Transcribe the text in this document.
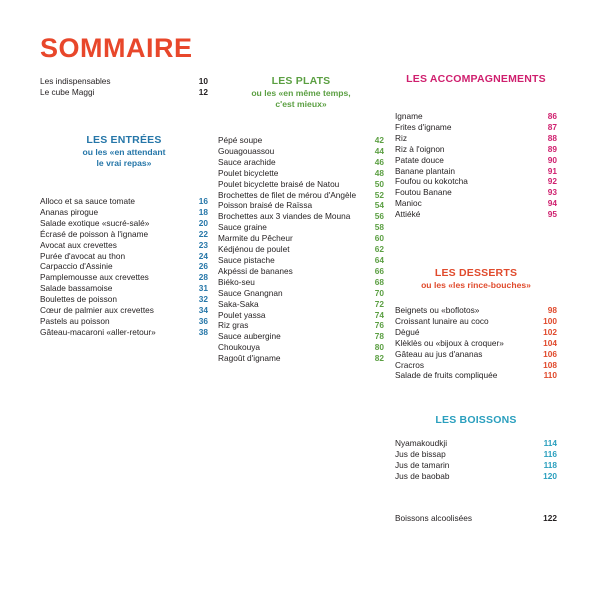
SOMMAIRE
Les indispensables	10
Le cube Maggi	12
LES ENTRÉES
ou les «en attendant
le vrai repas»
Alloco et sa sauce tomate	16
Ananas pirogue	18
Salade exotique «sucré-salé»	20
Écrasé de poisson à l'igname	22
Avocat aux crevettes	23
Purée d'avocat au thon	24
Carpaccio d'Assinie	26
Pamplemousse aux crevettes	28
Salade bassamoise	31
Boulettes de poisson	32
Cœur de palmier aux crevettes	34
Pastels au poisson	36
Gâteau-macaroni «aller-retour»	38
LES PLATS
ou les «en même temps,
c'est mieux»
Pépé soupe	42
Gouagouassou	44
Sauce arachide	46
Poulet bicyclette	48
Poulet bicyclette braisé de Natou	50
Brochettes de filet de mérou d'Angèle 52
Poisson braisé de Raïssa	54
Brochettes aux 3 viandes de Mouna	56
Sauce graine	58
Marmite du Pêcheur	60
Kédjénou de poulet	62
Sauce pistache	64
Akpéssi de bananes	66
Biéko-seu	68
Sauce Gnangnan	70
Saka-Saka	72
Poulet yassa	74
Riz gras	76
Sauce aubergine	78
Choukouya	80
Ragoût d'igname	82
LES ACCOMPAGNEMENTS
Igname	86
Frites d'igname	87
Riz	88
Riz à l'oignon	89
Patate douce	90
Banane plantain	91
Foufou ou kokotcha	92
Foutou Banane	93
Manioc	94
Attiéké	95
LES DESSERTS
ou les «les rince-bouches»
Beignets ou «boflotos»	98
Croissant lunaire au coco	100
Dègué	102
Klèklès ou «bijoux à croquer»	104
Gâteau au jus d'ananas	106
Cracros	108
Salade de fruits compliquée	110
LES BOISSONS
Nyamakoudkji	114
Jus de bissap	116
Jus de tamarin	118
Jus de baobab	120
Boissons alcoolisées	122
